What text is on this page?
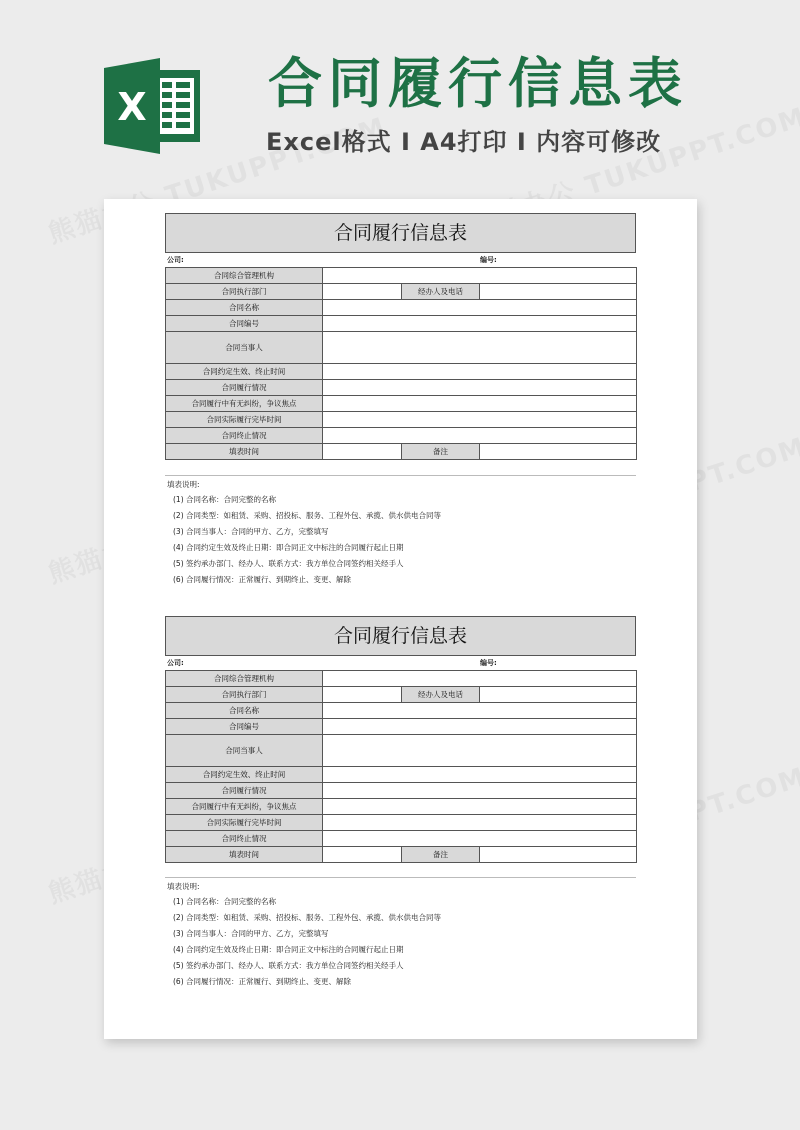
X 合同履行信息表
Excel格式 I A4打印 I 内容可修改
合同履行信息表
公司:	编号:
合同综合管理机构			
合同执行部门		经办人及电话	
合同名称			
合同编号			
合同当事人			
合同约定生效、终止时间			
合同履行情况			
合同履行中有无纠纷，争议焦点			
合同实际履行完毕时间			
合同终止情况			
填表时间		备注	
填表说明:
(1) 合同名称：合同完整的名称
(2) 合同类型：如租赁、采购、招投标、服务、工程外包、承揽、供水供电合同等
(3) 合同当事人：合同的甲方、乙方，完整填写
(4) 合同约定生效及终止日期：即合同正文中标注的合同履行起止日期
(5) 签约承办部门、经办人、联系方式：我方单位合同签约相关经手人
(6) 合同履行情况：正常履行、到期终止、变更、解除
合同履行信息表
公司:	编号:
合同综合管理机构			
合同执行部门		经办人及电话	
合同名称			
合同编号			
合同当事人			
合同约定生效、终止时间			
合同履行情况			
合同履行中有无纠纷，争议焦点			
合同实际履行完毕时间			
合同终止情况			
填表时间		备注	
填表说明:
(1) 合同名称：合同完整的名称
(2) 合同类型：如租赁、采购、招投标、服务、工程外包、承揽、供水供电合同等
(3) 合同当事人：合同的甲方、乙方，完整填写
(4) 合同约定生效及终止日期：即合同正文中标注的合同履行起止日期
(5) 签约承办部门、经办人、联系方式：我方单位合同签约相关经手人
(6) 合同履行情况：正常履行、到期终止、变更、解除
